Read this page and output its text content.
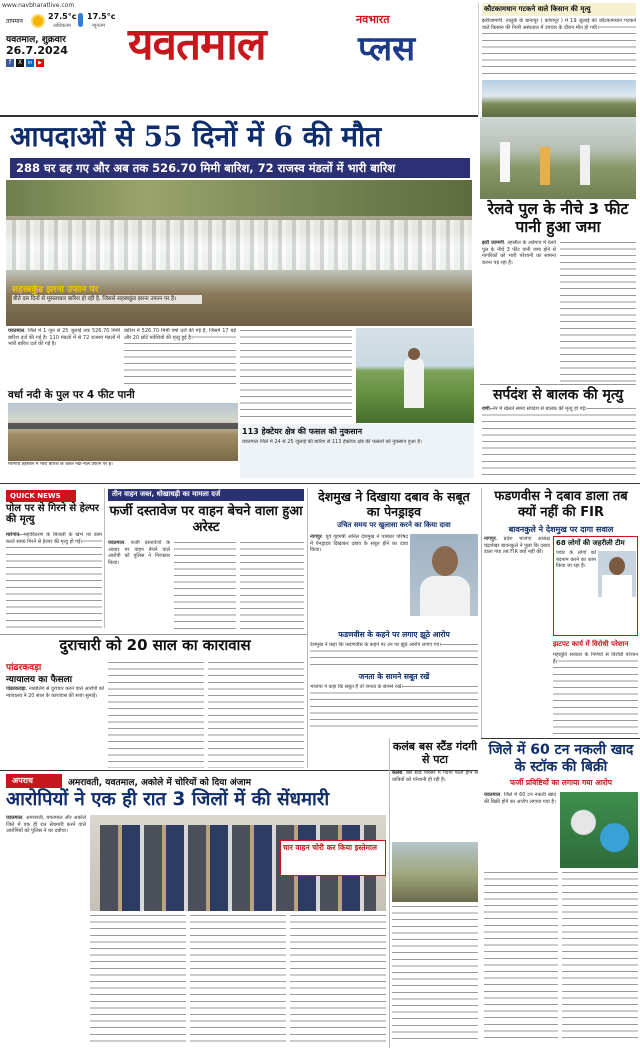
www.navbharatlive.com
तापमान
27.5°c
अधिकतम
17.5°c
न्यूनतम
यवतमाल, शुक्रवार
26.7.2024
f	X	in	▶ यवतमाल	नवभारत
प्लस
कौटकामधान गटकने वाले किसान की मृत्यु
झरीजामणी. तालुके के बानापुर ( कोपापूर ) में 19 जुलाई को कौटकामधान गटकने वाले किसान की निजी अस्पताल में उपचार के दौरान मौत हो गयी।
आपदाओं से 55 दिनों में 6 की मौत
288 घर ढह गए और अब तक 526.70 मिमी बारिश, 72 राजस्व मंडलों में भारी बारिश
सहस्त्रकुंड झरना उफान पर
बीते दस दिनों से मूसलाधार बारिश हो रही है, जिससे सहस्त्रकुंड झरना उफान पर है।
यवतमाल. जिले में 1 जून से 25 जुलाई तक 526.70 मिमी बारिश दर्ज की गई है। 110 मंडलों में से 72 राजस्व मंडलों में भारी बारिश दर्ज की गई है।
बारिश में 526.70 मिमी वर्षा दर्ज की गई है, जिसमें 17 बड़े और 20 छोटे मवेशियों की मृत्यु हुई है।
वर्धा नदी के पुल पर 4 फीट पानी
मारेगांव तहसील में भारी बारिश के चलते नदी-नाले उफान पर हैं।
113 हेक्टेयर क्षेत्र की फसल को नुकसान
यवतमाल जिले में 24 से 25 जुलाई की बारिश से 113 हेक्टेयर क्षेत्र की फसलों को नुकसान हुआ है।
रेलवे पुल के नीचे 3 फीट पानी हुआ जमा
झरी जामणी. तहसील के अडेगाव में रेलवे पुल के नीचे 3 फीट पानी जमा होने से नागरिकों को भारी परेशानी का सामना करना पड़ रहा है।
सर्पदंश से बालक की मृत्यु
वणी. नेर में खेलते समय सर्पदंश से बालक की मृत्यु हो गई।
QUICK NEWS
पोल पर से गिरने से हेल्पर की मृत्यु
मारेगांव. महावितरण के बिजली के खंभे पर काम करते समय गिरने से हेल्पर की मृत्यु हो गई।
तीन वाहन जब्त, धोखाधड़ी का मामला दर्ज
फर्जी दस्तावेज पर वाहन बेचने वाला हुआ अरेस्ट
यवतमाल. फर्जी दस्तावेजों के आधार पर वाहन बेचने वाले आरोपी को पुलिस ने गिरफ्तार किया।
देशमुख ने दिखाया दबाव के सबूत का पेनड्राइव
उचित समय पर खुलासा करने का किया दावा
नागपुर. पूर्व गृहमंत्री अनिल देशमुख ने पत्रकार परिषद में पेनड्राइव दिखाकर दबाव के सबूत होने का दावा किया।
फडणवीस के कहने पर लगाए झूठे आरोप
देशमुख ने कहा कि फडणवीस के कहने पर उन पर झूठे आरोप लगाए गए।
जनता के सामने सबूत रखें
भाजपा ने कहा कि सबूत हैं तो जनता के सामने रखें।
फडणवीस ने दबाव डाला तब क्यों नहीं की FIR
बावनकुले ने देशमुख पर दागा सवाल
नागपुर. प्रदेश भाजपा अध्यक्ष चंद्रशेखर बावनकुले ने पूछा कि दबाव डाला गया तब FIR क्यों नहीं की।
68 लोगों की जहरीली टीम
पवार के लोगों को बदनाम करने का काम किया जा रहा है।
झटपट कार्य में विरोधी परेशान
महायुति सरकार के निर्णयों से विरोधी परेशान हैं।
दुराचारी को 20 साल का कारावास
पांढरकवड़ा
न्यायालय का फैसला
पांढरकवड़ा. नाबालिग से दुराचार करने वाले आरोपी को न्यायालय ने 20 साल के कारावास की सजा सुनाई।
अपराध	अमरावती, यवतमाल, अकोले में चोरियों को दिया अंजाम
आरोपियों ने एक ही रात 3 जिलों में की सेंधमारी
यवतमाल. अमरावती, यवतमाल और अकोले जिले में एक ही रात सेंधमारी करने वाले आरोपियों को पुलिस ने धर दबोचा।
चार वाहन चोरी कर किया इस्तेमाल
कलंब बस स्टैंड गंदगी से पटा
कलंब. बस स्टैंड परिसर में गंदगी फैली होने से यात्रियों को परेशानी हो रही है।
जिले में 60 टन नकली खाद के स्टॉक की बिक्री
फर्जी प्रविष्टियों का लगाया गया आरोप
यवतमाल. जिले में 60 टन नकली खाद की बिक्री होने का आरोप लगाया गया है।
